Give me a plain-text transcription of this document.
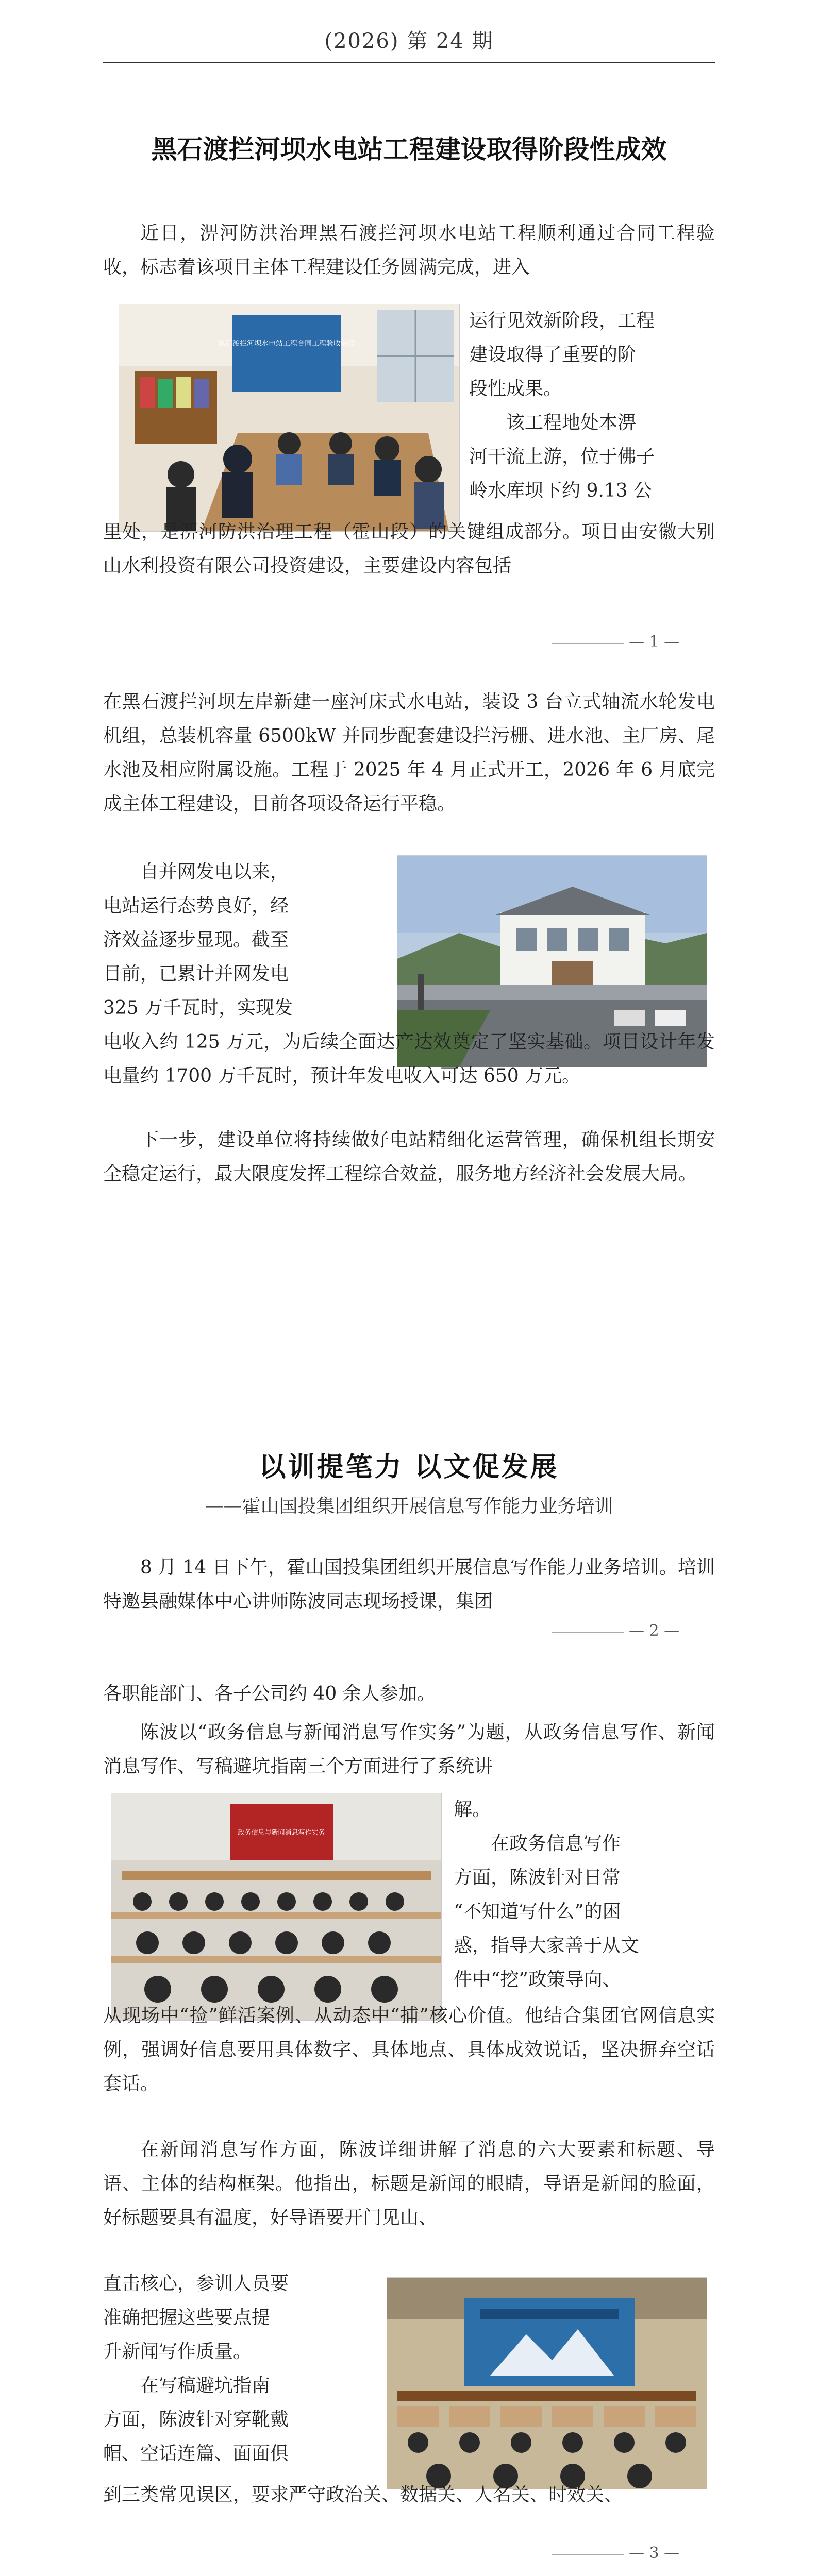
(2026) 第 24 期
黑石渡拦河坝水电站工程建设取得阶段性成效

近日，淠河防洪治理黑石渡拦河坝水电站工程顺利通过合同工程验收，标志着该项目主体工程建设任务圆满完成，进入

黑石渡拦河坝水电站工程合同工程验收会议

运行见效新阶段，工程

建设取得了重要的阶

段性成果。

该工程地处本淠

河干流上游，位于佛子

岭水库坝下约 9.13 公

里处，是淠河防洪治理工程（霍山段）的关键组成部分。项目由安徽大别山水利投资有限公司投资建设，主要建设内容包括

— 1 —

在黑石渡拦河坝左岸新建一座河床式水电站，装设 3 台立式轴流水轮发电机组，总装机容量 6500kW 并同步配套建设拦污栅、进水池、主厂房、尾水池及相应附属设施。工程于 2025 年 4 月正式开工，2026 年 6 月底完成主体工程建设，目前各项设备运行平稳。

自并网发电以来，

电站运行态势良好，经

济效益逐步显现。截至

目前，已累计并网发电

325 万千瓦时，实现发

电收入约 125 万元，为后续全面达产达效奠定了坚实基础。项目设计年发电量约 1700 万千瓦时，预计年发电收入可达 650 万元。

下一步，建设单位将持续做好电站精细化运营管理，确保机组长期安全稳定运行，最大限度发挥工程综合效益，服务地方经济社会发展大局。

以训提笔力 以文促发展
——霍山国投集团组织开展信息写作能力业务培训

8 月 14 日下午，霍山国投集团组织开展信息写作能力业务培训。培训特邀县融媒体中心讲师陈波同志现场授课，集团

— 2 —

各职能部门、各子公司约 40 余人参加。

陈波以“政务信息与新闻消息写作实务”为题，从政务信息写作、新闻消息写作、写稿避坑指南三个方面进行了系统讲

政务信息与新闻消息写作实务

解。

在政务信息写作

方面，陈波针对日常

“不知道写什么”的困

惑，指导大家善于从文

件中“挖”政策导向、

从现场中“捡”鲜活案例、从动态中“捕”核心价值。他结合集团官网信息实例，强调好信息要用具体数字、具体地点、具体成效说话，坚决摒弃空话套话。

在新闻消息写作方面，陈波详细讲解了消息的六大要素和标题、导语、主体的结构框架。他指出，标题是新闻的眼睛，导语是新闻的脸面，好标题要具有温度，好导语要开门见山、

直击核心，参训人员要

准确把握这些要点提

升新闻写作质量。

在写稿避坑指南

方面，陈波针对穿靴戴

帽、空话连篇、面面俱

到三类常见误区，要求严守政治关、数据关、人名关、时效关、

— 3 —
